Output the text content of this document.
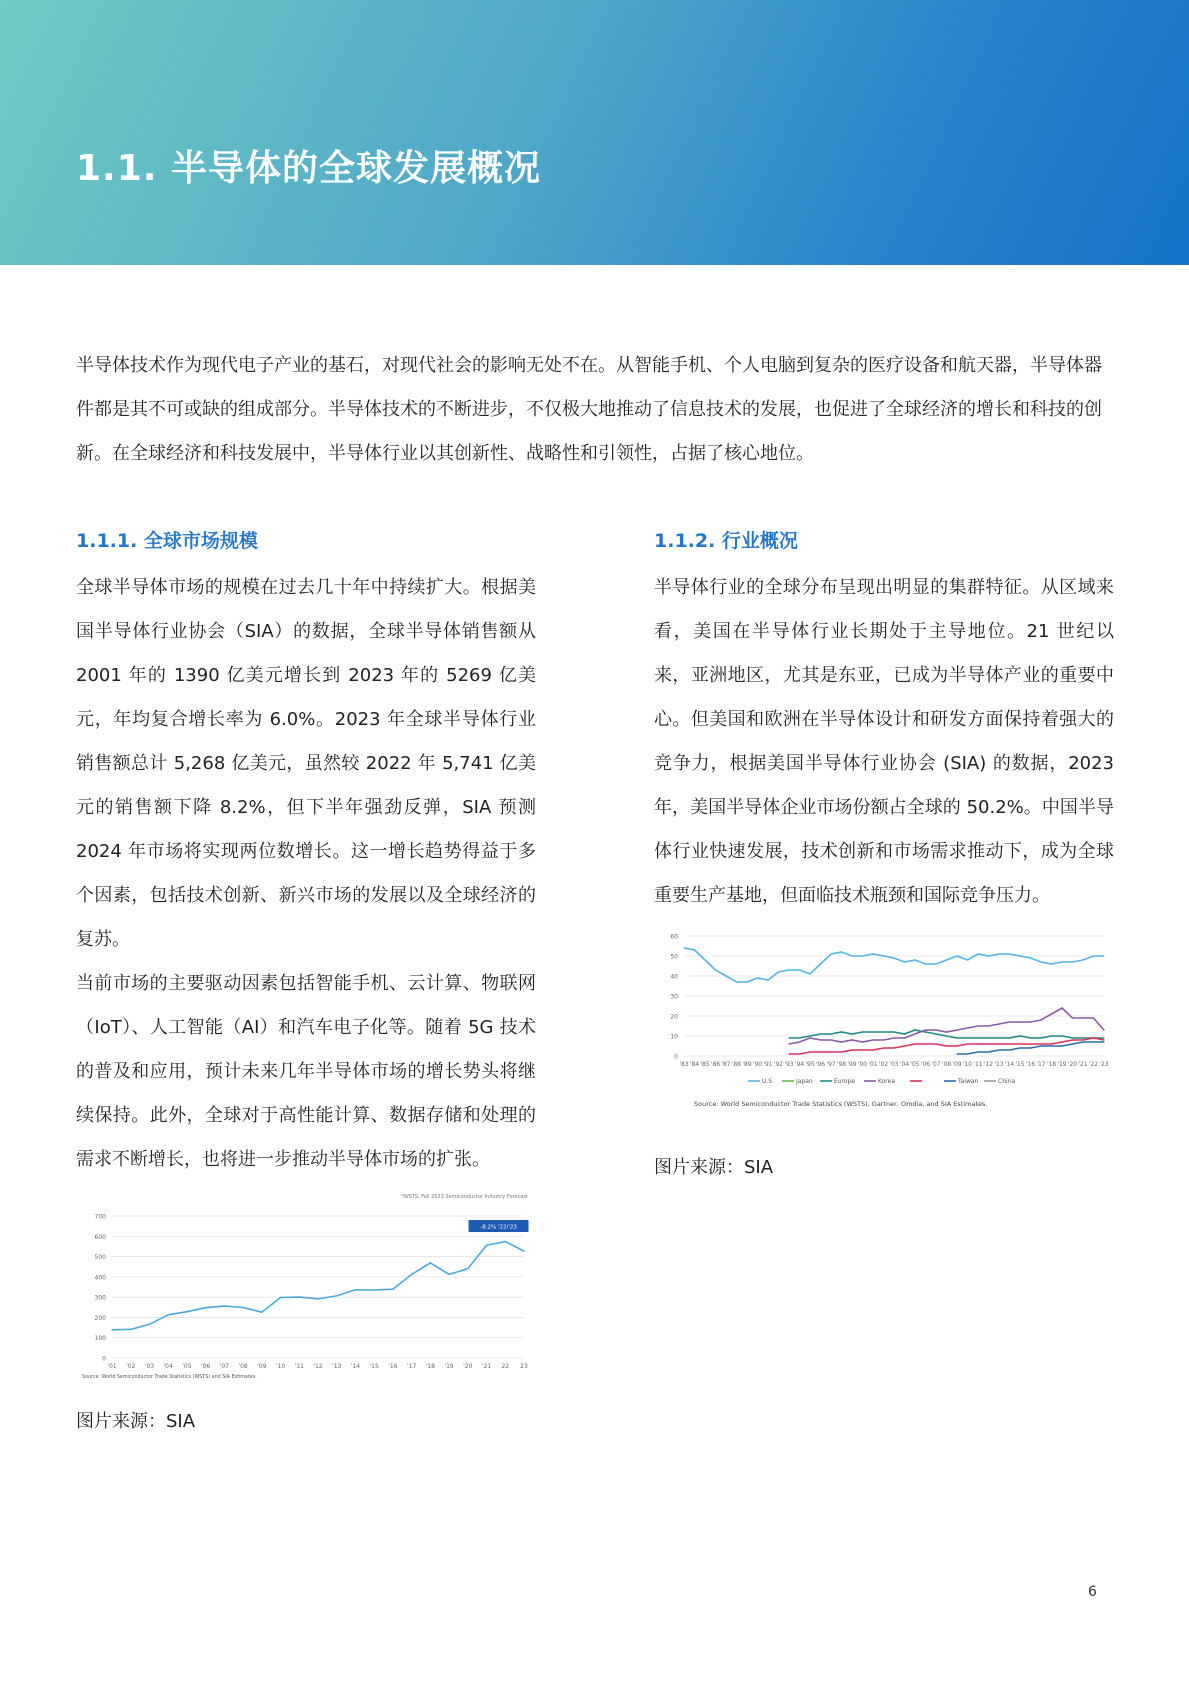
1.1. 半导体的全球发展概况

半导体技术作为现代电子产业的基石，对现代社会的影响无处不在。从智能手机、个人电脑到复杂的医疗设备和航天器，半导体器件都是其不可或缺的组成部分。半导体技术的不断进步，不仅极大地推动了信息技术的发展，也促进了全球经济的增长和科技的创新。在全球经济和科技发展中，半导体行业以其创新性、战略性和引领性，占据了核心地位。

1.1.1. 全球市场规模

全球半导体市场的规模在过去几十年中持续扩大。根据美国半导体行业协会（SIA）的数据，全球半导体销售额从 2001 年的 1390 亿美元增长到 2023 年的 5269 亿美元，年均复合增长率为 6.0%。2023 年全球半导体行业销售额总计 5,268 亿美元，虽然较 2022 年 5,741 亿美元的销售额下降 8.2%，但下半年强劲反弹，SIA 预测 2024 年市场将实现两位数增长。这一增长趋势得益于多个因素，包括技术创新、新兴市场的发展以及全球经济的复苏。

当前市场的主要驱动因素包括智能手机、云计算、物联网（IoT）、人工智能（AI）和汽车电子化等。随着 5G 技术的普及和应用，预计未来几年半导体市场的增长势头将继续保持。此外，全球对于高性能计算、数据存储和处理的需求不断增长，也将进一步推动半导体市场的扩张。

*WSTS, Fall 2023 Semiconductor Industry Forecast
0
100
200
300
400
500
600
700
'01 '02 '03 '04 '05 '06 '07 '08 '09 '10 '11 '12 '13 '14 '15 '16 '17 '18 '19 '20 '21 22 23
-8.2% '22/'23
Source: World Semiconductor Trade Statistics (WSTS) and SIA Estimates.

图片来源：SIA

1.1.2. 行业概况

半导体行业的全球分布呈现出明显的集群特征。从区域来看，美国在半导体行业长期处于主导地位。21 世纪以来，亚洲地区，尤其是东亚，已成为半导体产业的重要中心。但美国和欧洲在半导体设计和研发方面保持着强大的竞争力，根据美国半导体行业协会 (SIA) 的数据，2023 年，美国半导体企业市场份额占全球的 50.2%。中国半导体行业快速发展，技术创新和市场需求推动下，成为全球重要生产基地，但面临技术瓶颈和国际竞争压力。

0
10
20
30
40
50
60
'83 '84 '85 '86 '87 '88 '89 '90 '91 '92 '93 '94 '95 '96 '97 '98 '99 '00 '01 '02 '03 '04 '05 '06 '07 '08 '09 '10 '11 '12 '13 '14 '15 '16 '17 '18 '19 '20 '21 '22 '23
U.S	Japan	Europe	Korea	Taiwan	China
Source: World Semiconductor Trade Statistics (WSTS), Gartner, Omdia, and SIA Estimates.

图片来源：SIA

6
